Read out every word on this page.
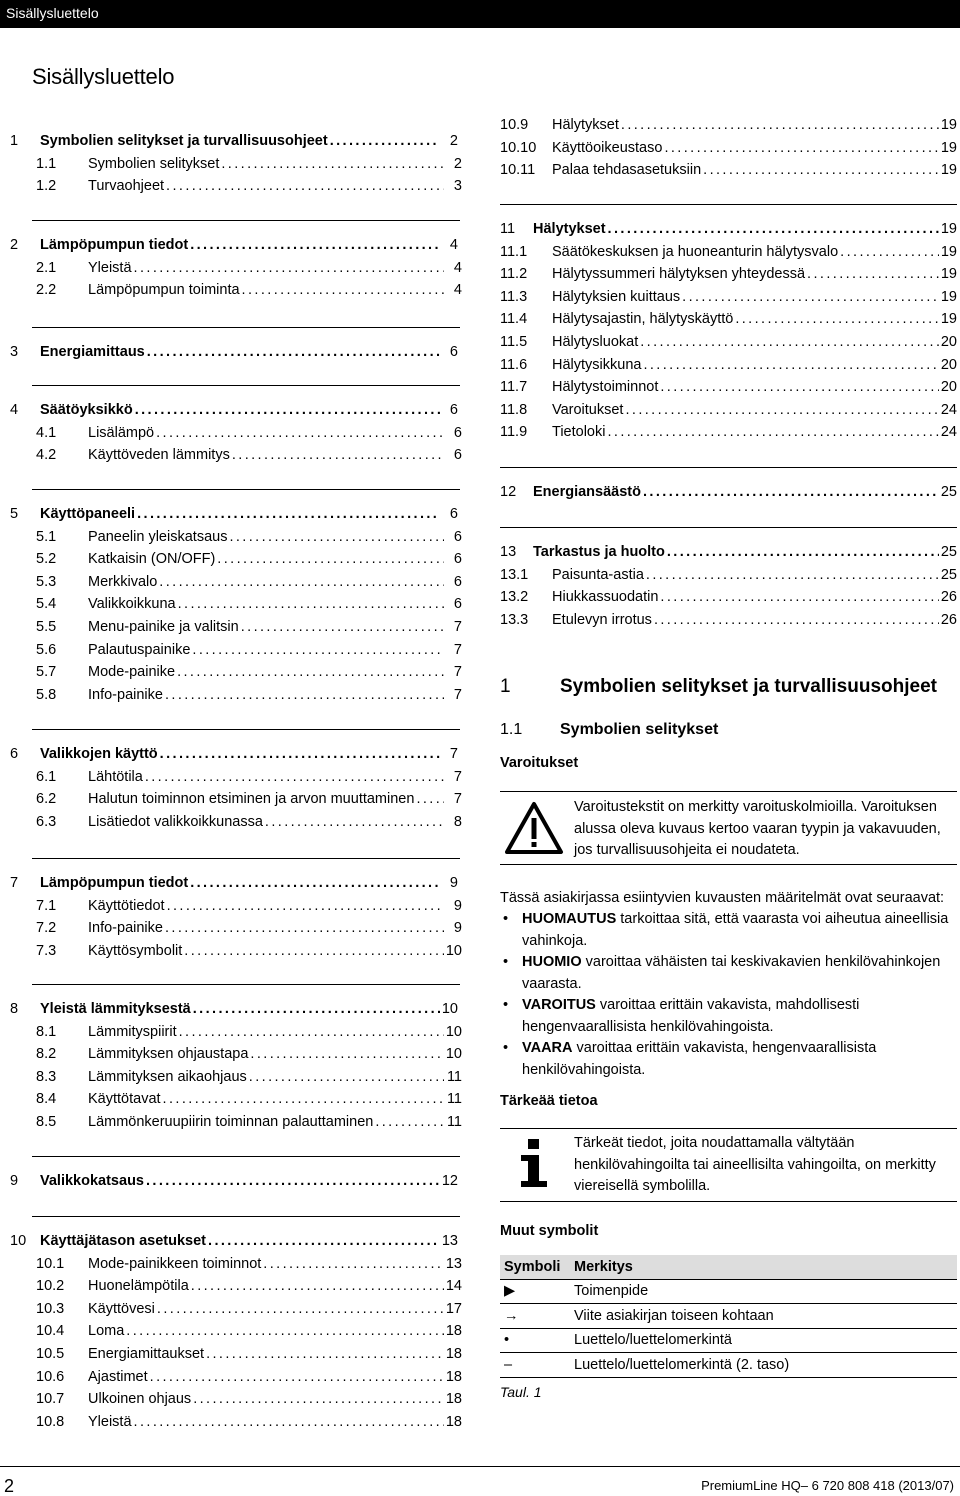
Sisällysluettelo
Sisällysluettelo
1	Symbolien selitykset ja turvallisuusohjeet .....	2
1.1	Symbolien selitykset .....	2
1.2	Turvaohjeet .....	3
2	Lämpöpumpun tiedot .....	4
2.1	Yleistä .....	4
2.2	Lämpöpumpun toiminta .....	4
3	Energiamittaus .....	6
4	Säätöyksikkö .....	6
4.1	Lisälämpö .....	6
4.2	Käyttöveden lämmitys .....	6
5	Käyttöpaneeli .....	6
5.1	Paneelin yleiskatsaus .....	6
5.2	Katkaisin (ON/OFF) .....	6
5.3	Merkkivalo .....	6
5.4	Valikkoikkuna .....	6
5.5	Menu-painike ja valitsin .....	7
5.6	Palautuspainike .....	7
5.7	Mode-painike .....	7
5.8	Info-painike .....	7
6	Valikkojen käyttö .....	7
6.1	Lähtötila .....	7
6.2	Halutun toiminnon etsiminen ja arvon muuttaminen .....	7
6.3	Lisätiedot valikkoikkunassa .....	8
7	Lämpöpumpun tiedot .....	9
7.1	Käyttötiedot .....	9
7.2	Info-painike .....	9
7.3	Käyttösymbolit .....	10
8	Yleistä lämmityksestä .....	10
8.1	Lämmityspiirit .....	10
8.2	Lämmityksen ohjaustapa .....	10
8.3	Lämmityksen aikaohjaus .....	11
8.4	Käyttötavat .....	11
8.5	Lämmönkeruupiirin toiminnan palauttaminen .....	11
9	Valikkokatsaus .....	12
10 Käyttäjätason asetukset .....	13
10.1	Mode-painikkeen toiminnot .....	13
10.2	Huonelämpötila .....	14
10.3	Käyttövesi .....	17
10.4	Loma .....	18
10.5	Energiamittaukset .....	18
10.6	Ajastimet .....	18
10.7	Ulkoinen ohjaus .....	18
10.8	Yleistä .....	18
10.9	Hälytykset .....	19
10.10	Käyttöoikeustaso .....	19
10.11	Palaa tehdasasetuksiin .....	19
11	Hälytykset .....	19
11.1	Säätökeskuksen ja huoneanturin hälytysvalo .....	19
11.2	Hälytyssummeri hälytyksen yhteydessä .....	19
11.3	Hälytyksien kuittaus .....	19
11.4	Hälytysajastin, hälytyskäyttö .....	19
11.5	Hälytysluokat .....	20
11.6	Hälytysikkuna .....	20
11.7	Hälytystoiminnot .....	20
11.8	Varoitukset .....	24
11.9	Tietoloki .....	24
12	Energiansäästö .....	25
13	Tarkastus ja huolto .....	25
13.1	Paisunta-astia .....	25
13.2	Hiukkassuodatin .....	26
13.3	Etulevyn irrotus .....	26
1	Symbolien selitykset ja turvallisuusohjeet
1.1 Symbolien selitykset
Varoitukset
Varoitustekstit on merkitty varoituskolmioilla. Varoituksen alussa oleva kuvaus kertoo vaaran tyypin ja vakavuuden, jos turvallisuusohjeita ei noudateta.
Tässä asiakirjassa esiintyvien kuvausten määritelmät ovat seuraavat:
• HUOMAUTUS tarkoittaa sitä, että vaarasta voi aiheutua aineellisia vahinkoja.
• HUOMIO varoittaa vähäisten tai keskivakavien henkilövahinkojen vaarasta.
• VAROITUS varoittaa erittäin vakavista, mahdollisesti hengenvaarallisista henkilövahingoista.
• VAARA varoittaa erittäin vakavista, hengenvaarallisista henkilövahingoista.
Tärkeää tietoa
Tärkeät tiedot, joita noudattamalla vältytään henkilövahingoilta tai aineellisilta vahingoilta, on merkitty viereisellä symbolilla.
Muut symbolit
Symboli	Merkitys
▶	Toimenpide
→	Viite asiakirjan toiseen kohtaan
•	Luettelo/luettelomerkintä
–	Luettelo/luettelomerkintä (2. taso)
Taul. 1
2	PremiumLine HQ– 6 720 808 418 (2013/07)
